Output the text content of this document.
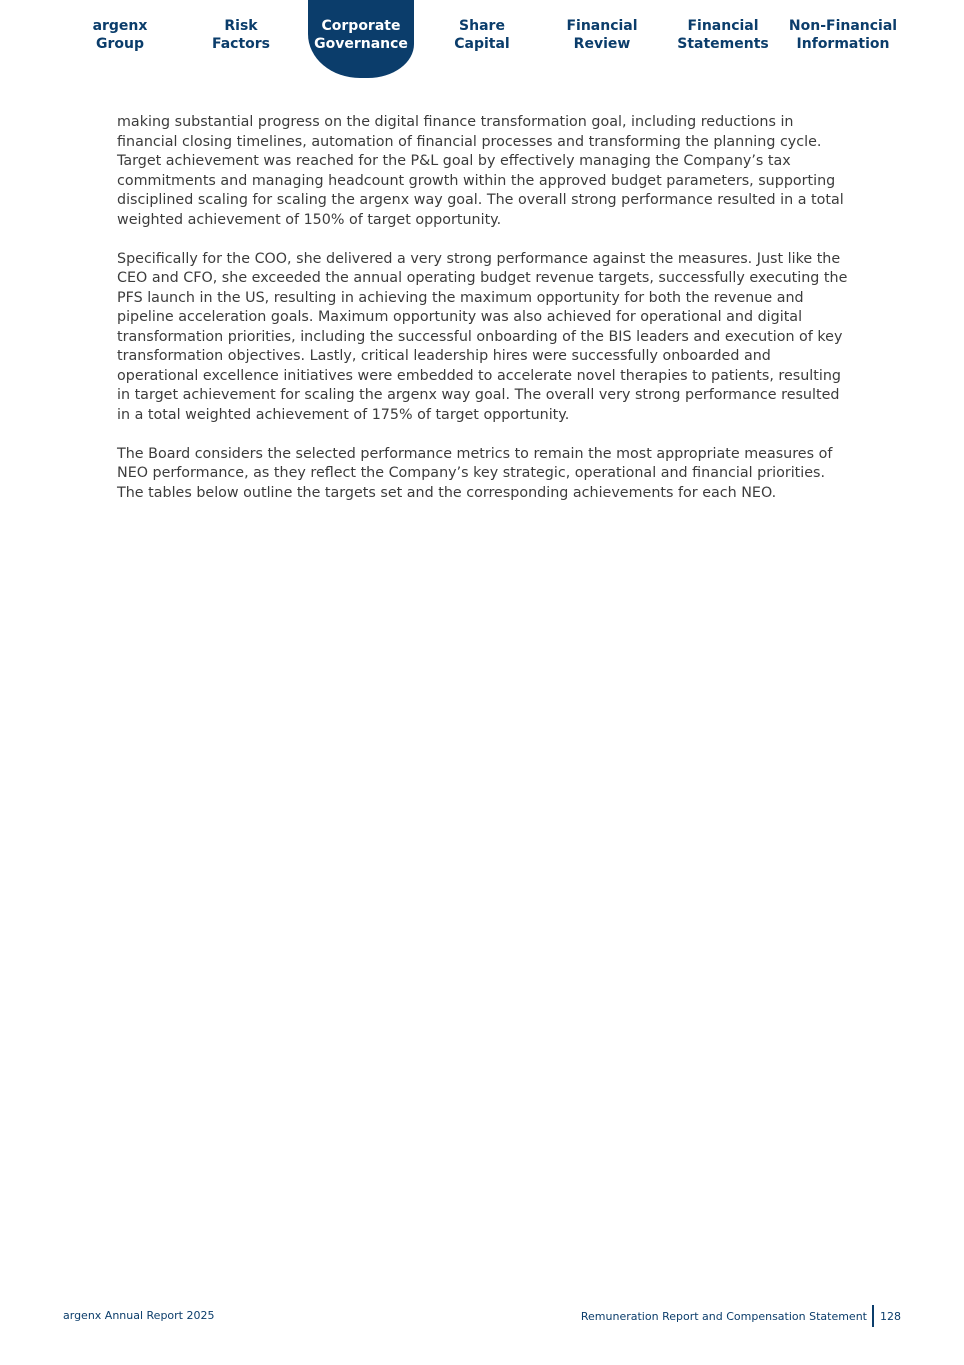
argenx
Group
Risk
Factors
Corporate
Governance
Share
Capital
Financial
Review
Financial
Statements
Non-Financial
Information

making substantial progress on the digital finance transformation goal, including reductions in financial closing timelines, automation of financial processes and transforming the planning cycle. Target achievement was reached for the P&L goal by effectively managing the Company’s tax commitments and managing headcount growth within the approved budget parameters, supporting disciplined scaling for scaling the argenx way goal. The overall strong performance resulted in a total weighted achievement of 150% of target opportunity.

Specifically for the COO, she delivered a very strong performance against the measures. Just like the CEO and CFO, she exceeded the annual operating budget revenue targets, successfully executing the PFS launch in the US, resulting in achieving the maximum opportunity for both the revenue and pipeline acceleration goals. Maximum opportunity was also achieved for operational and digital transformation priorities, including the successful onboarding of the BIS leaders and execution of key transformation objectives. Lastly, critical leadership hires were successfully onboarded and operational excellence initiatives were embedded to accelerate novel therapies to patients, resulting in target achievement for scaling the argenx way goal. The overall very strong performance resulted in a total weighted achievement of 175% of target opportunity.

The Board considers the selected performance metrics to remain the most appropriate measures of NEO performance, as they reflect the Company’s key strategic, operational and financial priorities. The tables below outline the targets set and the corresponding achievements for each NEO.

argenx Annual Report 2025	Remuneration Report and Compensation Statement 128
